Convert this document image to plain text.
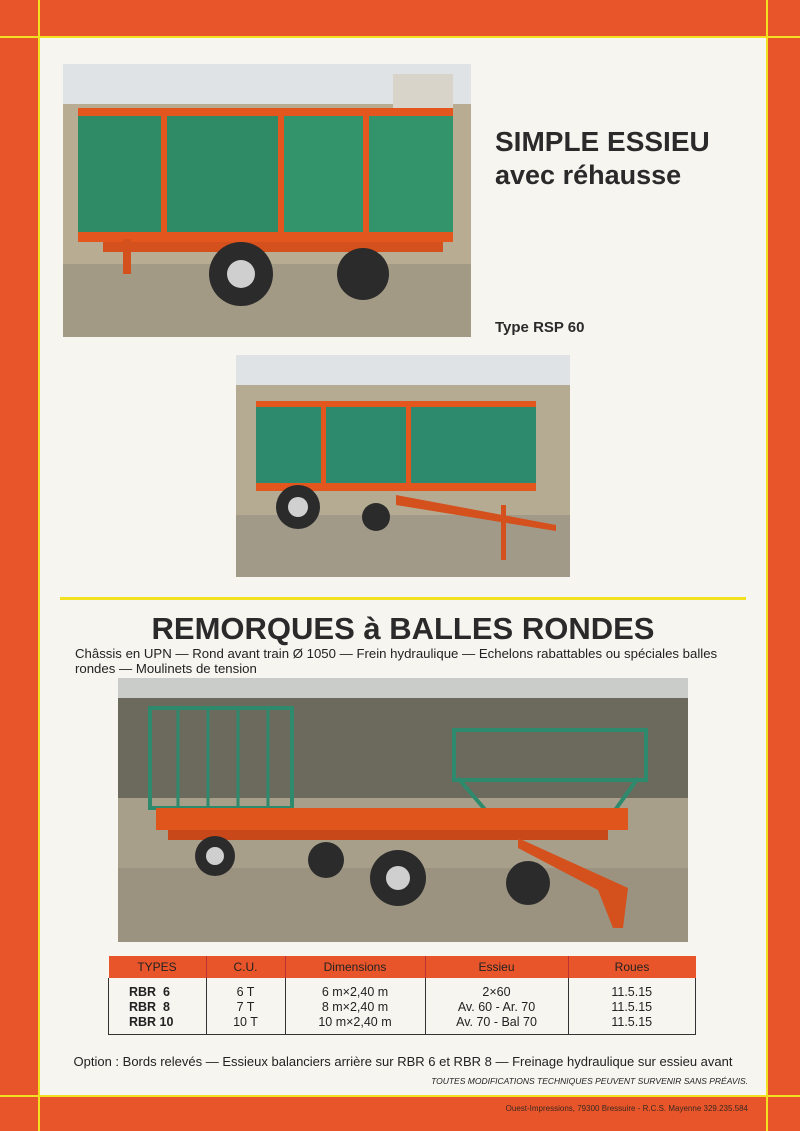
SIMPLE ESSIEU
avec réhausse
Type RSP 60
REMORQUES à BALLES RONDES
Châssis en UPN — Rond avant train Ø 1050 — Frein hydraulique — Echelons rabattables ou spéciales balles rondes — Moulinets de tension
TYPES	C.U.	Dimensions	Essieu	Roues
RBR  6	6 T	6 m×2,40 m	2×60	11.5.15
RBR  8	7 T	8 m×2,40 m	Av. 60 - Ar. 70	11.5.15
RBR 10	10 T	10 m×2,40 m	Av. 70 - Bal 70	11.5.15
Option : Bords relevés — Essieux balanciers arrière sur RBR 6 et RBR 8 — Freinage hydraulique sur essieu avant
TOUTES MODIFICATIONS TECHNIQUES PEUVENT SURVENIR SANS PRÉAVIS.
Ouest-Impressions, 79300 Bressuire - R.C.S. Mayenne 329.235.584
